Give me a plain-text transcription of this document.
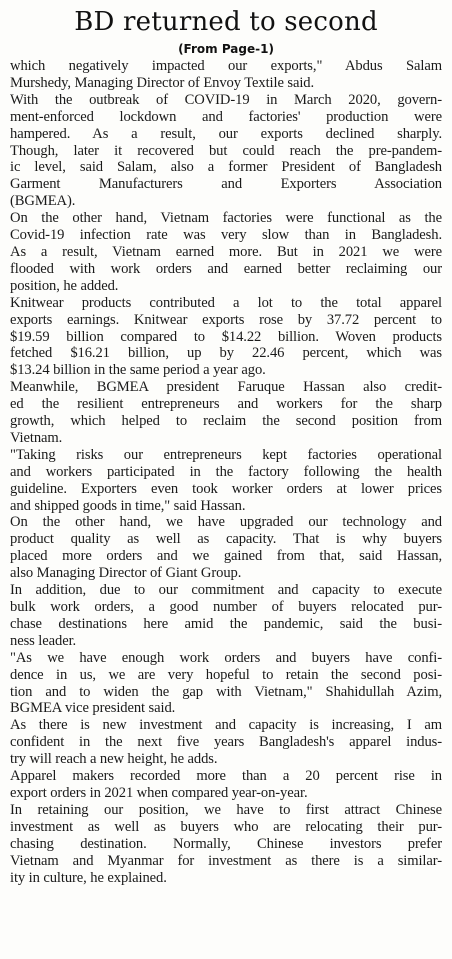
BD returned to second
(From Page-1)

which negatively impacted our exports," Abdus Salam
Murshedy, Managing Director of Envoy Textile said.

With the outbreak of COVID-19 in March 2020, govern-
ment-enforced lockdown and factories' production were
hampered. As a result, our exports declined sharply.
Though, later it recovered but could reach the pre-pandem-
ic level, said Salam, also a former President of Bangladesh
Garment Manufacturers and Exporters Association
(BGMEA).

On the other hand, Vietnam factories were functional as the
Covid-19 infection rate was very slow than in Bangladesh.
As a result, Vietnam earned more. But in 2021 we were
flooded with work orders and earned better reclaiming our
position, he added.

Knitwear products contributed a lot to the total apparel
exports earnings. Knitwear exports rose by 37.72 percent to
$19.59 billion compared to $14.22 billion. Woven products
fetched $16.21 billion, up by 22.46 percent, which was
$13.24 billion in the same period a year ago.

Meanwhile, BGMEA president Faruque Hassan also credit-
ed the resilient entrepreneurs and workers for the sharp
growth, which helped to reclaim the second position from
Vietnam.

"Taking risks our entrepreneurs kept factories operational
and workers participated in the factory following the health
guideline. Exporters even took worker orders at lower prices
and shipped goods in time," said Hassan.

On the other hand, we have upgraded our technology and
product quality as well as capacity. That is why buyers
placed more orders and we gained from that, said Hassan,
also Managing Director of Giant Group.

In addition, due to our commitment and capacity to execute
bulk work orders, a good number of buyers relocated pur-
chase destinations here amid the pandemic, said the busi-
ness leader.

"As we have enough work orders and buyers have confi-
dence in us, we are very hopeful to retain the second posi-
tion and to widen the gap with Vietnam," Shahidullah Azim,
BGMEA vice president said.

As there is new investment and capacity is increasing, I am
confident in the next five years Bangladesh's apparel indus-
try will reach a new height, he adds.

Apparel makers recorded more than a 20 percent rise in
export orders in 2021 when compared year-on-year.

In retaining our position, we have to first attract Chinese
investment as well as buyers who are relocating their pur-
chasing destination. Normally, Chinese investors prefer
Vietnam and Myanmar for investment as there is a similar-
ity in culture, he explained.
